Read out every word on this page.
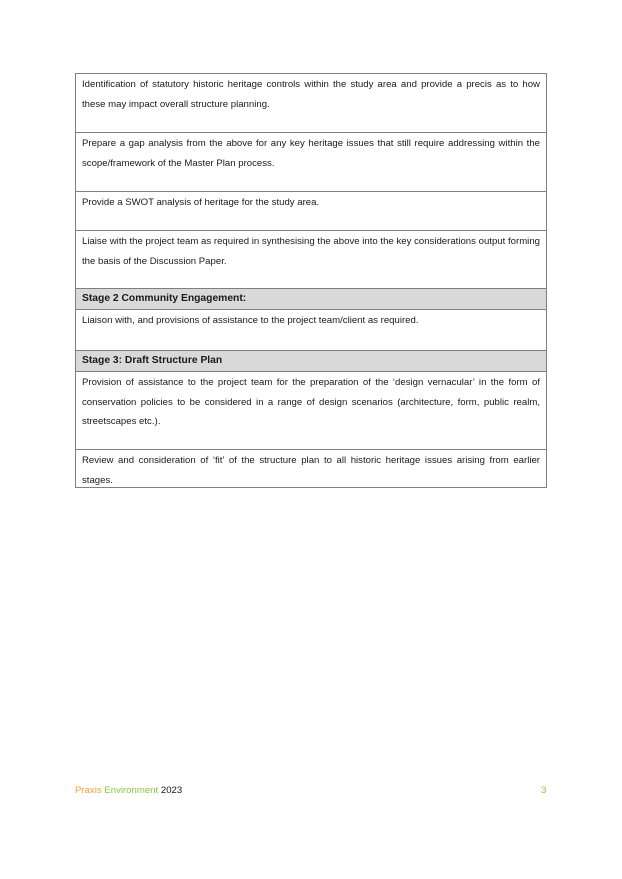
Identification of statutory historic heritage controls within the study area and provide a precis as to how these may impact overall structure planning.
Prepare a gap analysis from the above for any key heritage issues that still require addressing within the scope/framework of the Master Plan process.
Provide a SWOT analysis of heritage for the study area.
Liaise with the project team as required in synthesising the above into the key considerations output forming the basis of the Discussion Paper.
Stage 2 Community Engagement:
Liaison with, and provisions of assistance to the project team/client as required.
Stage 3: Draft Structure Plan
Provision of assistance to the project team for the preparation of the ‘design vernacular’ in the form of conservation policies to be considered in a range of design scenarios (architecture, form, public realm, streetscapes etc.).
Review and consideration of ‘fit’ of the structure plan to all historic heritage issues arising from earlier stages.
Praxis Environment 2023	3
